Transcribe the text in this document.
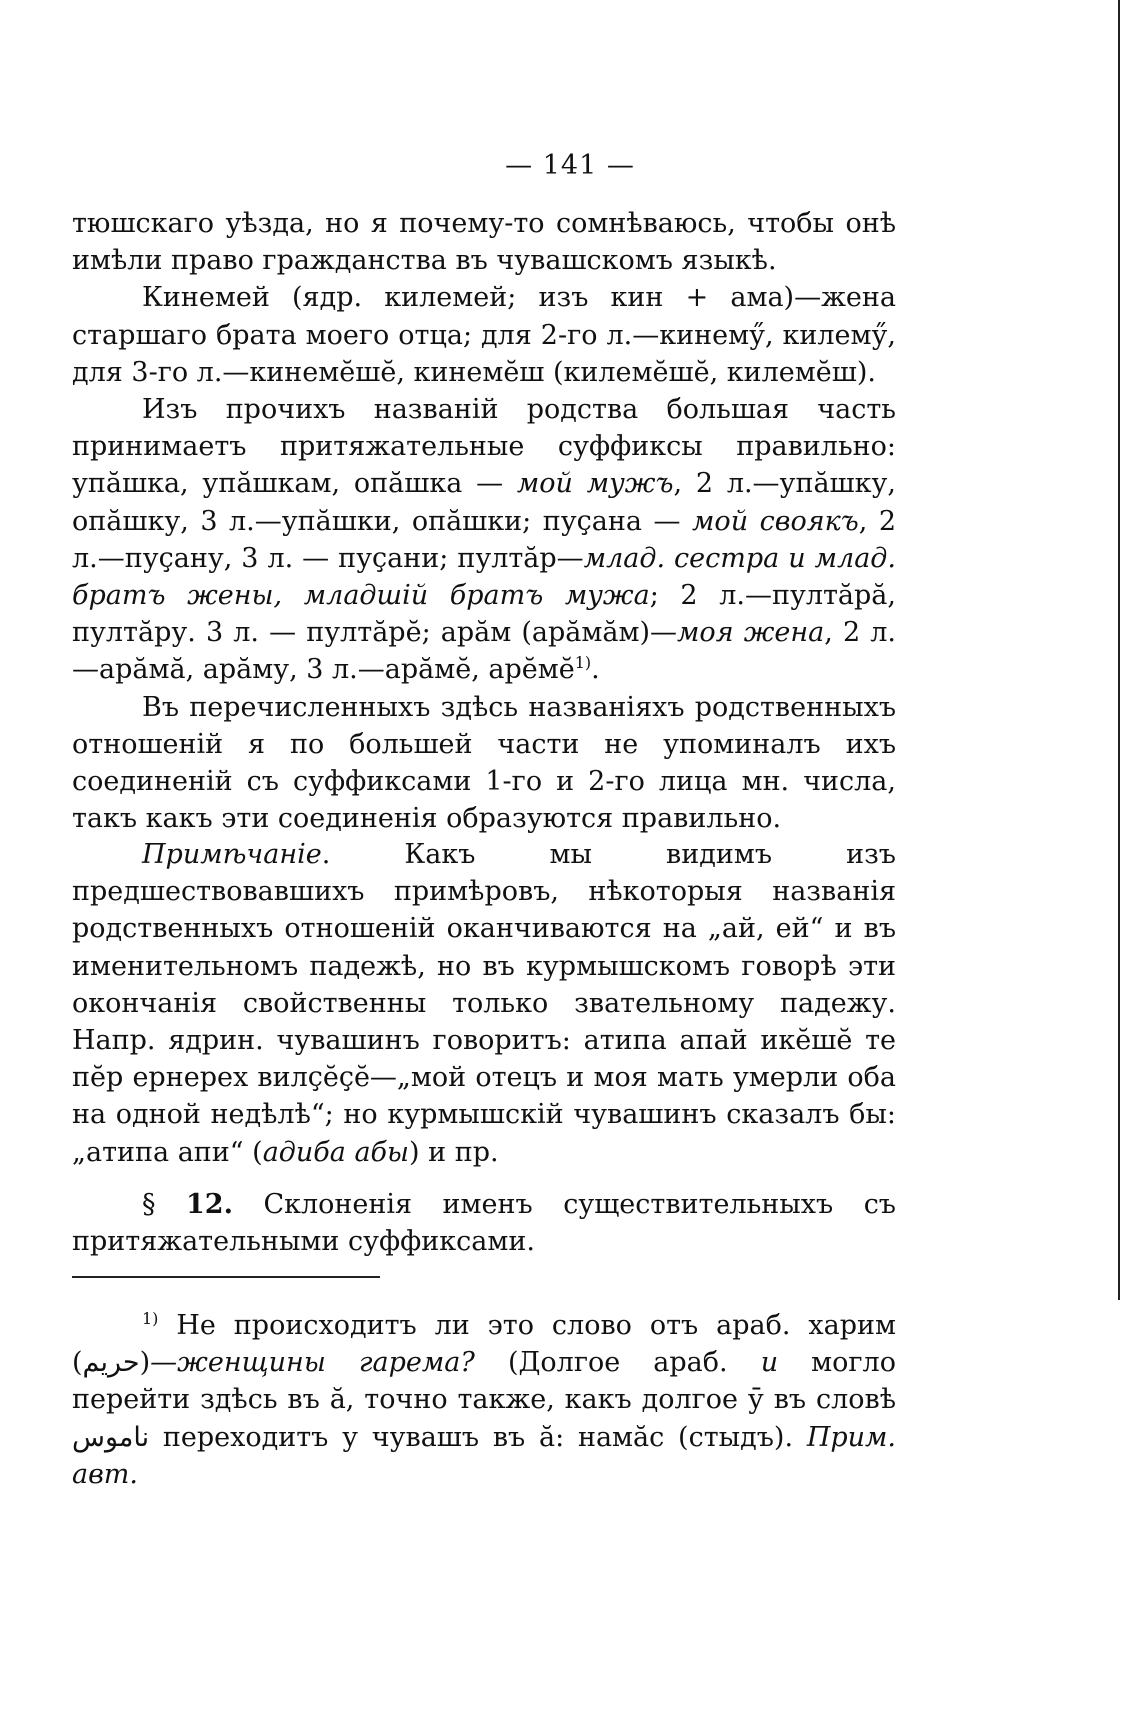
— 141 —

тюшскаго уѣзда, но я почему-то сомнѣваюсь, чтобы онѣ имѣли право гражданства въ чувашскомъ языкѣ.

Кинемей (ядр. килемей; изъ кин + ама)—жена старшаго брата моего отца; для 2-го л.—кинемӳ, килемӳ, для 3-го л.—кинемӗшӗ, кинемӗш (килемӗшӗ, килемӗш).

Изъ прочихъ названій родства большая часть принимаетъ притяжательные суффиксы правильно: упӑшка, упӑшкам, опӑшка — мой мужъ, 2 л.—упӑшку, опӑшку, 3 л.—упӑшки, опӑшки; пуҫана — мой своякъ, 2 л.—пуҫану, 3 л. — пуҫани; пултӑр—млад. сестра и млад. братъ жены, младшій братъ мужа; 2 л.—пултӑрӑ, пултӑру. 3 л. — пултӑрӗ; арӑм (арӑмӑм)—моя жена, 2 л.—арӑмӑ, арӑму, 3 л.—арӑмӗ, арӗмӗ$^{1)}$.

Въ перечисленныхъ здѣсь названіяхъ родственныхъ отношеній я по большей части не упоминалъ ихъ соединеній съ суффиксами 1-го и 2-го лица мн. числа, такъ какъ эти соединенія образуются правильно.

Примѣчаніе. Какъ мы видимъ изъ предшествовавшихъ примѣровъ, нѣкоторыя названія родственныхъ отношеній оканчиваются на „ай, ей“ и въ именительномъ падежѣ, но въ курмышскомъ говорѣ эти окончанія свойственны только звательному падежу. Напр. ядрин. чувашинъ говоритъ: атипа апай икӗшӗ те пӗр ернерех вилҫӗҫӗ—„мой отецъ и моя мать умерли оба на одной недѣлѣ“; но курмышскій чувашинъ сказалъ бы: „атипа апи“ (адиба абы) и пр.

§ 12. Склоненія именъ существительныхъ съ притяжательными суффиксами.

$^{1)}$ Не происходитъ ли это слово отъ араб. харим (حريم)—женщины гарема? (Долгое араб. и могло перейти здѣсь въ ӑ, точно также, какъ долгое ӯ въ словѣ ناموس переходитъ у чувашъ въ ӑ: намӑс (стыдъ). Прим. авт.
